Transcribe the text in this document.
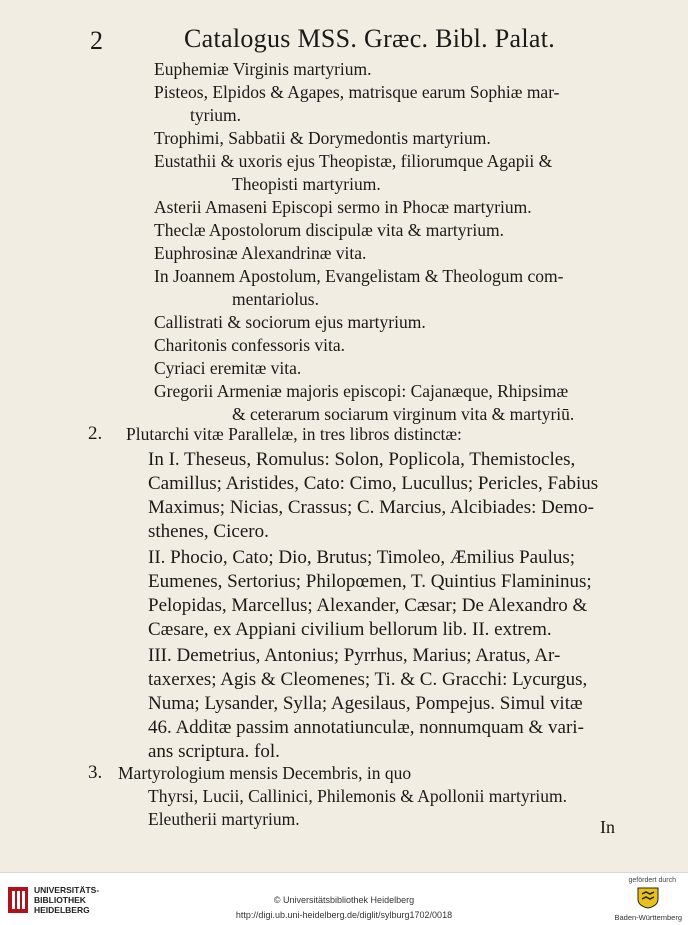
2	Catalogus MSS. Græc. Bibl. Palat.
Euphemiæ Virginis martyrium.
Pisteos, Elpidos & Agapes, matrisque earum Sophiæ mar-
tyrium.
Trophimi, Sabbatii & Dorymedontis martyrium.
Eustathii & uxoris ejus Theopistæ, filiorumque Agapii &
Theopisti martyrium.
Asterii Amaseni Episcopi sermo in Phocæ martyrium.
Theclæ Apostolorum discipulæ vita & martyrium.
Euphrosinæ Alexandrinæ vita.
In Joannem Apostolum, Evangelistam & Theologum com-
mentariolus.
Callistrati & sociorum ejus martyrium.
Charitonis confessoris vita.
Cyriaci eremitæ vita.
Gregorii Armeniæ majoris episcopi: Cajanæque, Rhipsimæ
& ceterarum sociarum virginum vita & martyriū.
2. Plutarchi vitæ Parallelæ, in tres libros distinctæ:
In I. Theseus, Romulus: Solon, Poplicola, Themistocles,
Camillus; Aristides, Cato: Cimo, Lucullus; Pericles, Fabius
Maximus; Nicias, Crassus; C. Marcius, Alcibiades: Demo-
sthenes, Cicero.
II. Phocio, Cato; Dio, Brutus; Timoleo, Æmilius Paulus;
Eumenes, Sertorius; Philopœmen, T. Quintius Flamininus;
Pelopidas, Marcellus; Alexander, Cæsar; De Alexandro &
Cæsare, ex Appiani civilium bellorum lib. II. extrem.
III. Demetrius, Antonius; Pyrrhus, Marius; Aratus, Ar-
taxerxes; Agis & Cleomenes; Ti. & C. Gracchi: Lycurgus,
Numa; Lysander, Sylla; Agesilaus, Pompejus. Simul vitæ
46. Additæ passim annotatiunculæ, nonnumquam & vari-
ans scriptura. fol.
3. Martyrologium mensis Decembris, in quo
Thyrsi, Lucii, Callinici, Philemonis & Apollonii martyrium.
Eleutherii martyrium.	In
UNIVERSITÄTS-
BIBLIOTHEK
HEIDELBERG
© Universitätsbibliothek Heidelberg
http://digi.ub.uni-heidelberg.de/diglit/sylburg1702/0018
gefördert durch
Baden-Württemberg
